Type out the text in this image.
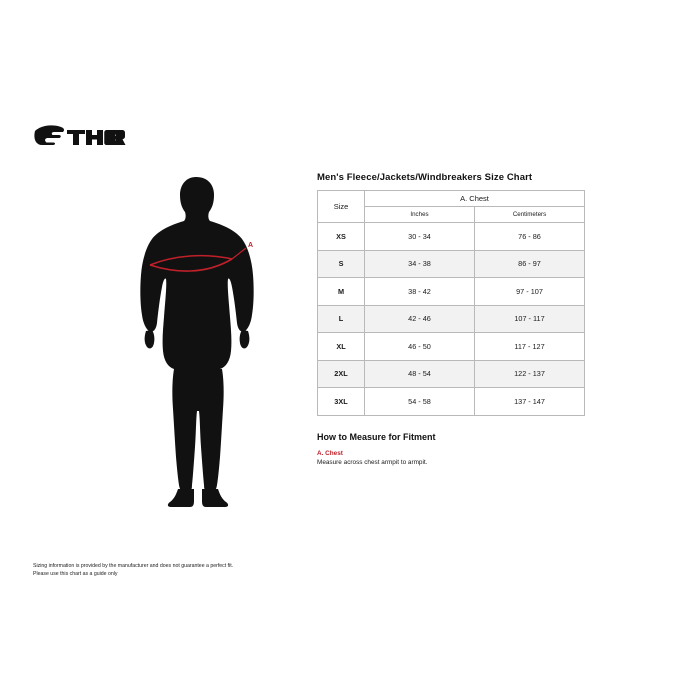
A
Men's Fleece/Jackets/Windbreakers Size Chart
Size	A. Chest	
	Inches	Centimeters
XS	30 - 34	76 - 86
S	34 - 38	86 - 97
M	38 - 42	97 - 107
L	42 - 46	107 - 117
XL	46 - 50	117 - 127
2XL	48 - 54	122 - 137
3XL	54 - 58	137 - 147
How to Measure for Fitment

A. Chest

Measure across chest armpit to armpit.

Sizing information is provided by the manufacturer and does not guarantee a perfect fit.
Please use this chart as a guide only
